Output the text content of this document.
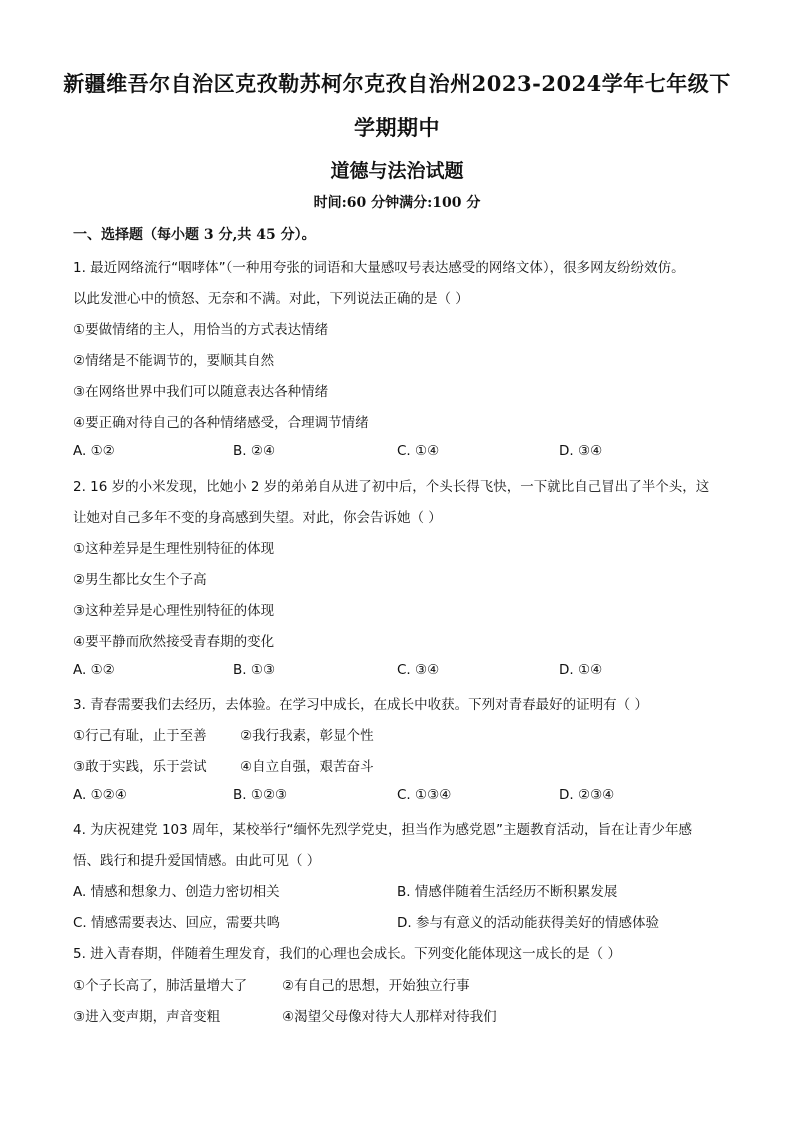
新疆维吾尔自治区克孜勒苏柯尔克孜自治州2023-2024学年七年级下
学期期中
道德与法治试题
时间:60 分钟满分:100 分
一、选择题（每小题 3 分,共 45 分）。
1. 最近网络流行“咽哮体”（一种用夸张的词语和大量感叹号表达感受的网络文体），很多网友纷纷效仿。
以此发泄心中的愤怒、无奈和不满。对此，下列说法正确的是（ ）
①要做情绪的主人，用恰当的方式表达情绪
②情绪是不能调节的，要顺其自然
③在网络世界中我们可以随意表达各种情绪
④要正确对待自己的各种情绪感受，合理调节情绪
A. ①②	B. ②④	C. ①④	D. ③④
2. 16 岁的小米发现，比她小 2 岁的弟弟自从进了初中后，个头长得飞快，一下就比自己冒出了半个头，这
让她对自己多年不变的身高感到失望。对此，你会告诉她（ ）
①这种差异是生理性别特征的体现
②男生都比女生个子高
③这种差异是心理性别特征的体现
④要平静而欣然接受青春期的变化
A. ①②	B. ①③	C. ③④	D. ①④
3. 青春需要我们去经历，去体验。在学习中成长，在成长中收获。下列对青春最好的证明有（ ）
①行己有耻，止于至善 ②我行我素，彰显个性
③敢于实践，乐于尝试 ④自立自强，艰苦奋斗
A. ①②④	B. ①②③	C. ①③④	D. ②③④
4. 为庆祝建党 103 周年，某校举行“缅怀先烈学党史，担当作为感党恩”主题教育活动，旨在让青少年感
悟、践行和提升爱国情感。由此可见（ ）
A. 情感和想象力、创造力密切相关	B. 情感伴随着生活经历不断积累发展
C. 情感需要表达、回应，需要共鸣	D. 参与有意义的活动能获得美好的情感体验
5. 进入青春期，伴随着生理发育，我们的心理也会成长。下列变化能体现这一成长的是（ ）
①个子长高了，肺活量增大了	②有自己的思想，开始独立行事
③进入变声期，声音变粗	④渴望父母像对待大人那样对待我们
